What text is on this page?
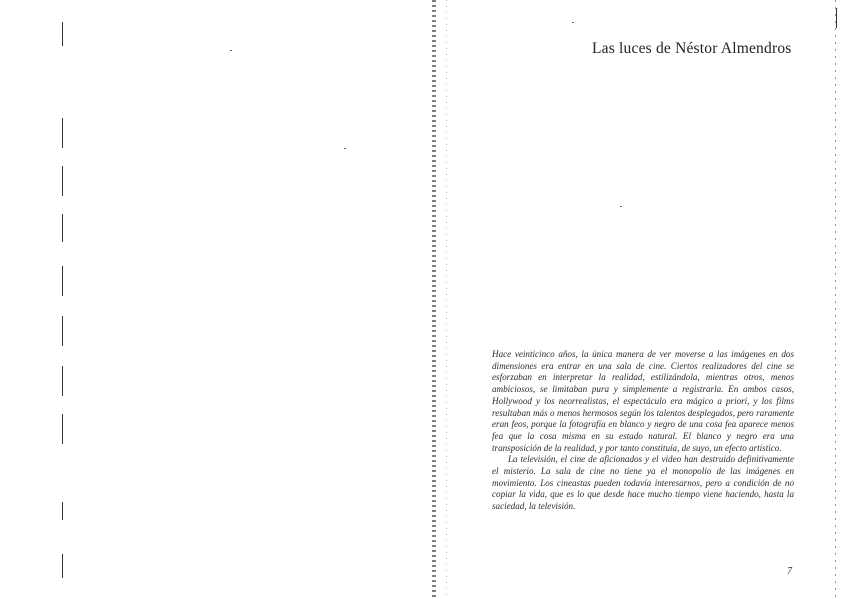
Las luces de Néstor Almendros

Hace veinticinco años, la única manera de ver moverse a las imágenes en dos dimensiones era entrar en una sala de cine. Ciertos realizadores del cine se esforzaban en interpretar la realidad, estilizándola, mientras otros, menos ambiciosos, se limitaban pura y simplemente a registrarla. En ambos casos, Hollywood y los neorrealistas, el espectáculo era mágico a priori, y los films resultaban más o menos hermosos según los talentos desplegados, pero raramente eran feos, porque la fotografía en blanco y negro de una cosa fea aparece menos fea que la cosa misma en su estado natural. El blanco y negro era una transposición de la realidad, y por tanto constituía, de suyo, un efecto artístico.

La televisión, el cine de aficionados y el video han destruido definitivamente el misterio. La sala de cine no tiene ya el monopolio de las imágenes en movimiento. Los cineastas pueden todavía interesarnos, pero a condición de no copiar la vida, que es lo que desde hace mucho tiempo viene haciendo, hasta la saciedad, la televisión.

7
